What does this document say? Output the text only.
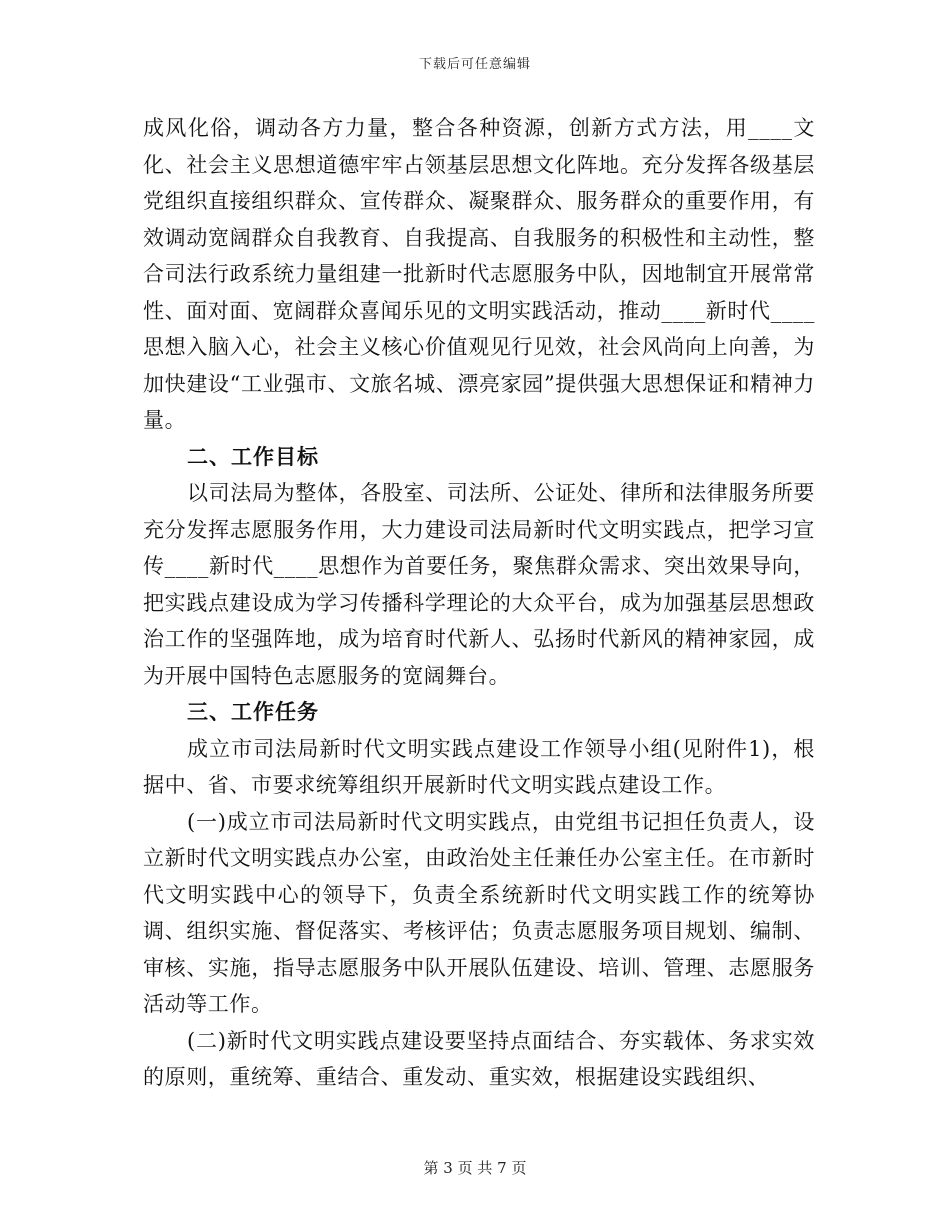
下载后可任意编辑

成风化俗，调动各方力量，整合各种资源，创新方式方法，用____文化、社会主义思想道德牢牢占领基层思想文化阵地。充分发挥各级基层党组织直接组织群众、宣传群众、凝聚群众、服务群众的重要作用，有效调动宽阔群众自我教育、自我提高、自我服务的积极性和主动性，整合司法行政系统力量组建一批新时代志愿服务中队，因地制宜开展常常性、面对面、宽阔群众喜闻乐见的文明实践活动，推动____新时代____思想入脑入心，社会主义核心价值观见行见效，社会风尚向上向善，为加快建设“工业强市、文旅名城、漂亮家园”提供强大思想保证和精神力量。

二、工作目标

以司法局为整体，各股室、司法所、公证处、律所和法律服务所要充分发挥志愿服务作用，大力建设司法局新时代文明实践点，把学习宣传____新时代____思想作为首要任务，聚焦群众需求、突出效果导向，把实践点建设成为学习传播科学理论的大众平台，成为加强基层思想政治工作的坚强阵地，成为培育时代新人、弘扬时代新风的精神家园，成为开展中国特色志愿服务的宽阔舞台。

三、工作任务

成立市司法局新时代文明实践点建设工作领导小组(见附件1)，根据中、省、市要求统筹组织开展新时代文明实践点建设工作。

(一)成立市司法局新时代文明实践点，由党组书记担任负责人，设立新时代文明实践点办公室，由政治处主任兼任办公室主任。在市新时代文明实践中心的领导下，负责全系统新时代文明实践工作的统筹协调、组织实施、督促落实、考核评估；负责志愿服务项目规划、编制、审核、实施，指导志愿服务中队开展队伍建设、培训、管理、志愿服务活动等工作。

(二)新时代文明实践点建设要坚持点面结合、夯实载体、务求实效的原则，重统筹、重结合、重发动、重实效，根据建设实践组织、

第 3 页 共 7 页
